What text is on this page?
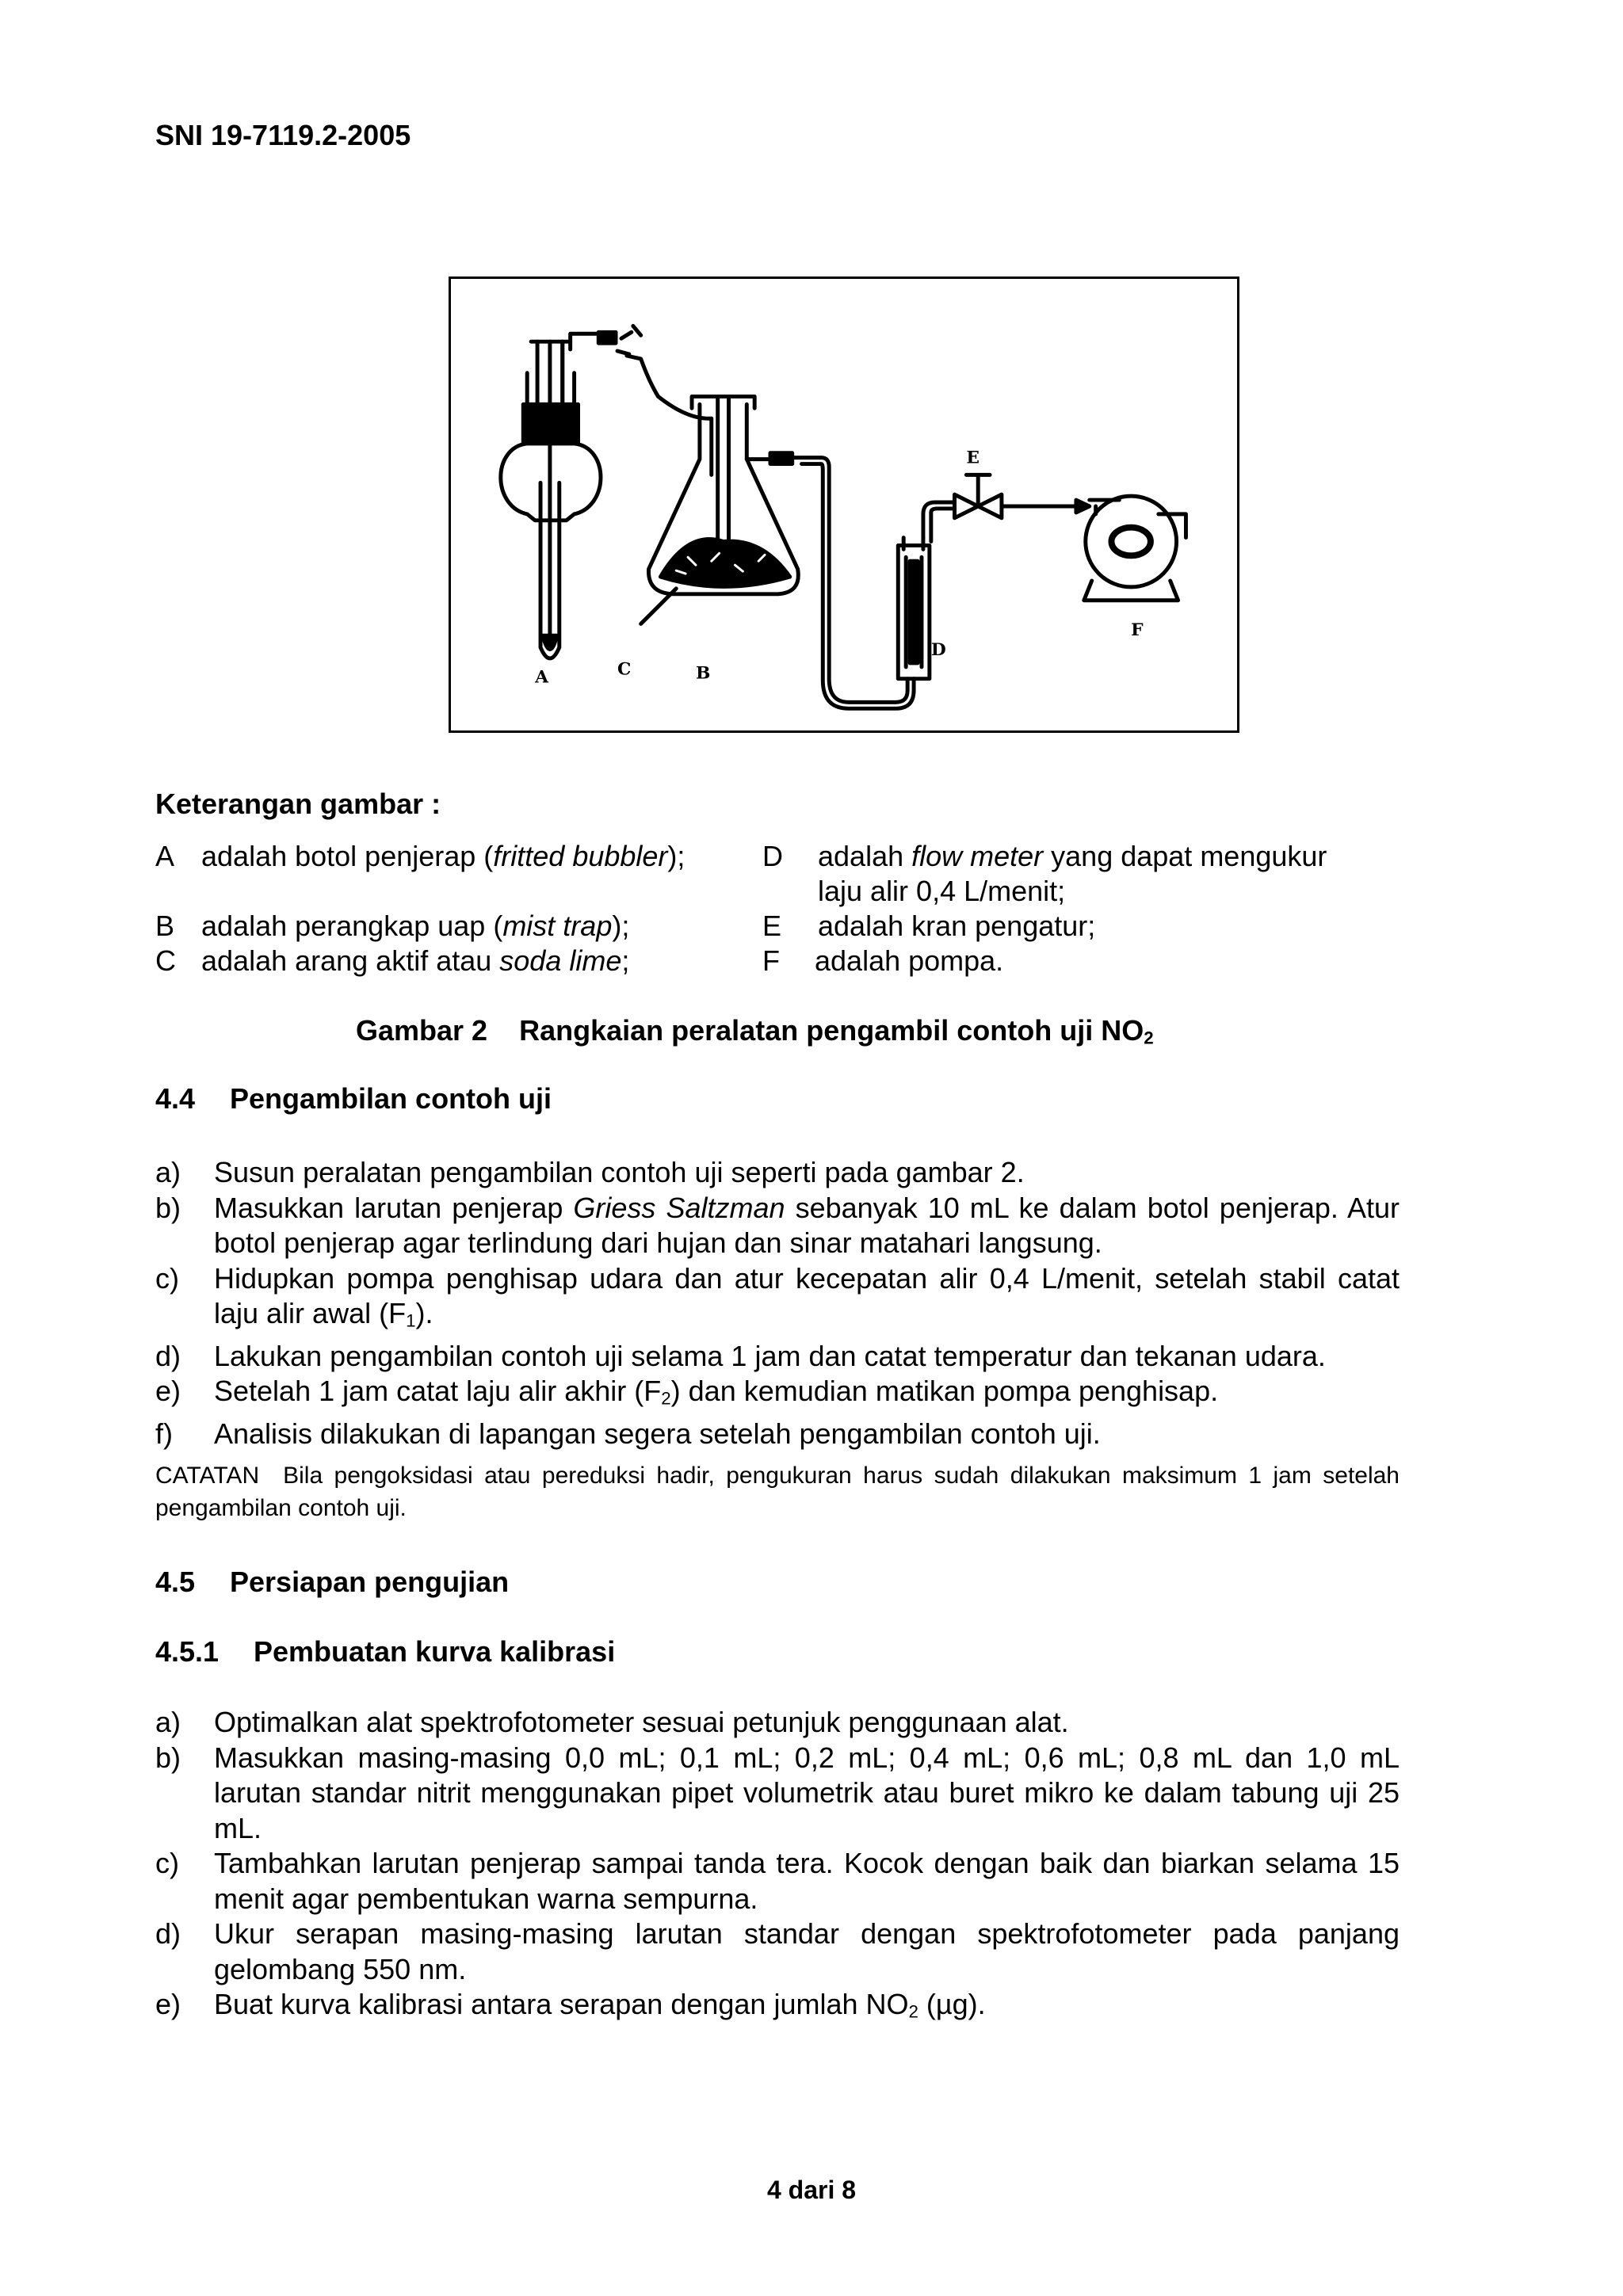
SNI 19-7119.2-2005
A	C	B
D
E
F
Keterangan gambar :
A adalah botol penjerap (fritted bubbler);
B adalah perangkap uap (mist trap);
C adalah arang aktif atau soda lime;
D adalah flow meter yang dapat mengukur
laju alir 0,4 L/menit;
E adalah kran pengatur;
F adalah pompa.
Gambar 2 Rangkaian peralatan pengambil contoh uji $NO_2$
4.4 Pengambilan contoh uji
a)	Susun peralatan pengambilan contoh uji seperti pada gambar 2.
b)	Masukkan larutan penjerap Griess Saltzman sebanyak 10 mL ke dalam botol penjerap. Atur botol penjerap agar terlindung dari hujan dan sinar matahari langsung.
c)	Hidupkan pompa penghisap udara dan atur kecepatan alir 0,4 L/menit, setelah stabil catat laju alir awal $(F_1)$.
d)	Lakukan pengambilan contoh uji selama 1 jam dan catat temperatur dan tekanan udara.
e)	Setelah 1 jam catat laju alir akhir $(F_2)$ dan kemudian matikan pompa penghisap.
f)	Analisis dilakukan di lapangan segera setelah pengambilan contoh uji.
CATATAN Bila pengoksidasi atau pereduksi hadir, pengukuran harus sudah dilakukan maksimum 1 jam setelah pengambilan contoh uji.
4.5 Persiapan pengujian
4.5.1 Pembuatan kurva kalibrasi
a)	Optimalkan alat spektrofotometer sesuai petunjuk penggunaan alat.
b)	Masukkan masing-masing 0,0 mL; 0,1 mL; 0,2 mL; 0,4 mL; 0,6 mL; 0,8 mL dan 1,0 mL larutan standar nitrit menggunakan pipet volumetrik atau buret mikro ke dalam tabung uji 25 mL.
c)	Tambahkan larutan penjerap sampai tanda tera. Kocok dengan baik dan biarkan selama 15 menit agar pembentukan warna sempurna.
d)	Ukur serapan masing-masing larutan standar dengan spektrofotometer pada panjang gelombang 550 nm.
e)	Buat kurva kalibrasi antara serapan dengan jumlah $NO_2$ (µg).
4 dari 8
